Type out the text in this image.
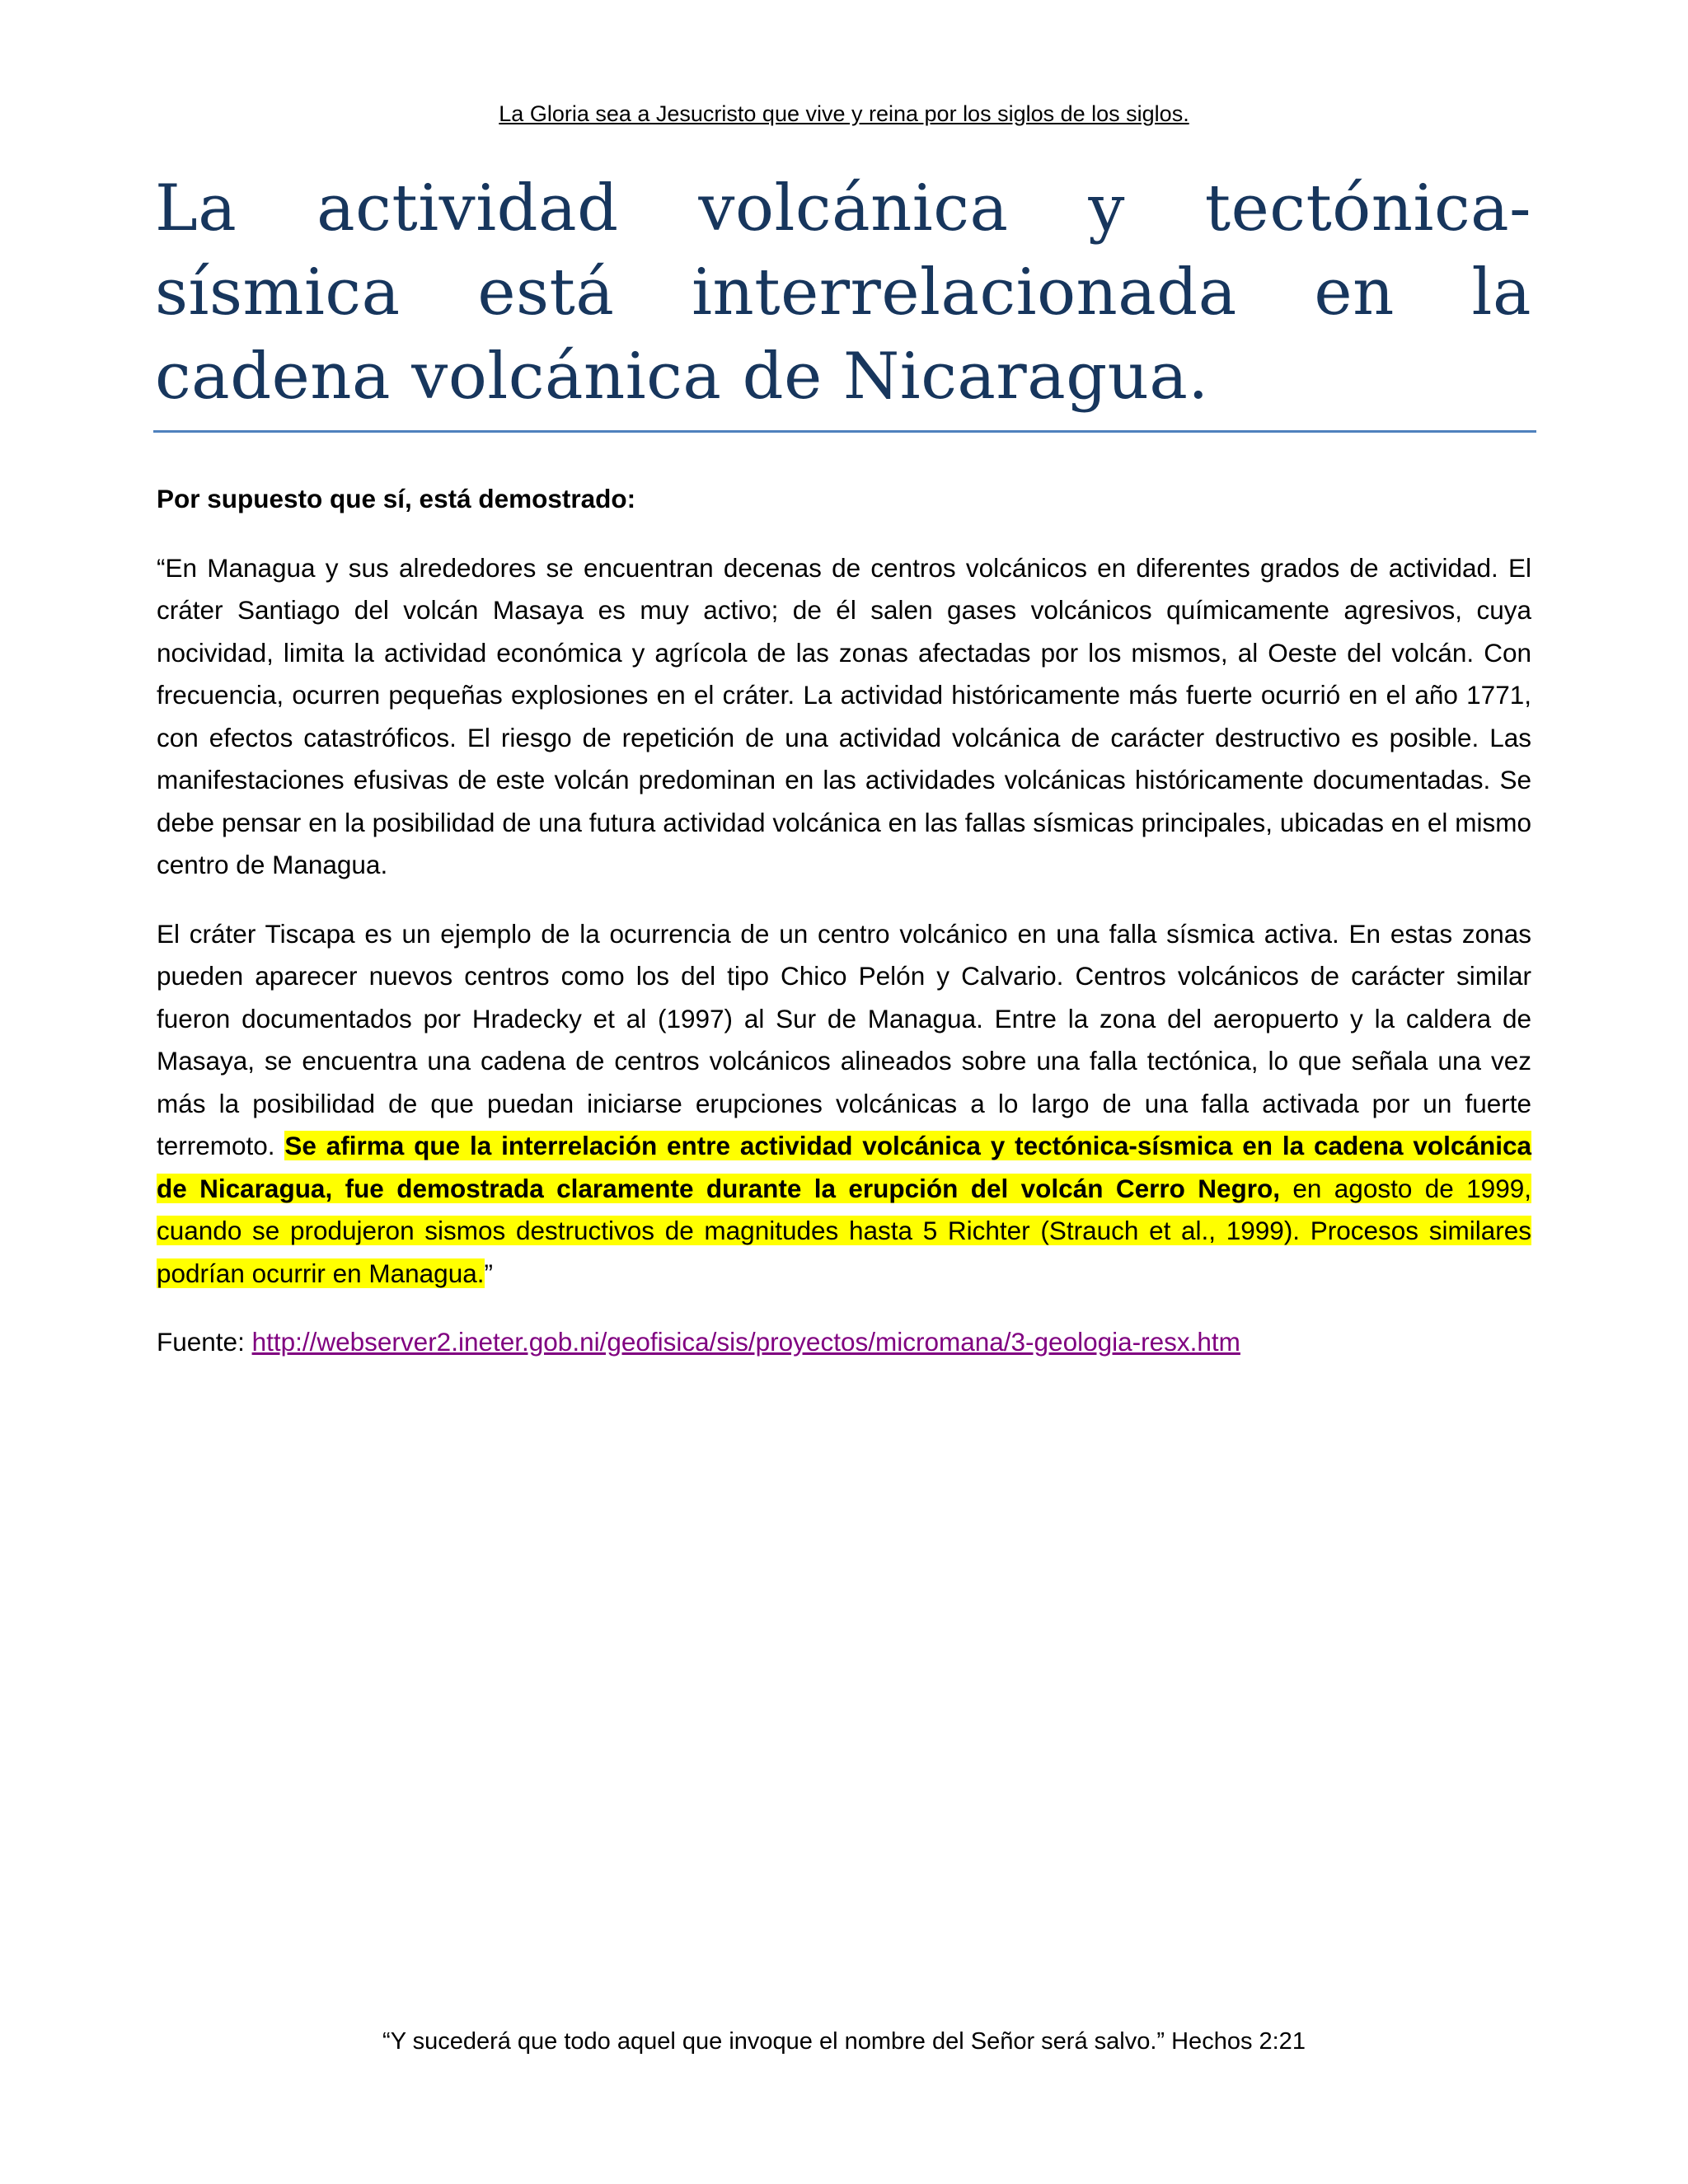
La Gloria sea a Jesucristo que vive y reina por los siglos de los siglos.
La actividad volcánica y tectónica-sísmica está interrelacionada en la cadena volcánica de Nicaragua.

Por supuesto que sí, está demostrado:

“En Managua y sus alrededores se encuentran decenas de centros volcánicos en diferentes grados de actividad. El cráter Santiago del volcán Masaya es muy activo; de él salen gases volcánicos químicamente agresivos, cuya nocividad, limita la actividad económica y agrícola de las zonas afectadas por los mismos, al Oeste del volcán. Con frecuencia, ocurren pequeñas explosiones en el cráter. La actividad históricamente más fuerte ocurrió en el año 1771, con efectos catastróficos. El riesgo de repetición de una actividad volcánica de carácter destructivo es posible. Las manifestaciones efusivas de este volcán predominan en las actividades volcánicas históricamente documentadas. Se debe pensar en la posibilidad de una futura actividad volcánica en las fallas sísmicas principales, ubicadas en el mismo centro de Managua.

El cráter Tiscapa es un ejemplo de la ocurrencia de un centro volcánico en una falla sísmica activa. En estas zonas pueden aparecer nuevos centros como los del tipo Chico Pelón y Calvario. Centros volcánicos de carácter similar fueron documentados por Hradecky et al (1997) al Sur de Managua. Entre la zona del aeropuerto y la caldera de Masaya, se encuentra una cadena de centros volcánicos alineados sobre una falla tectónica, lo que señala una vez más la posibilidad de que puedan iniciarse erupciones volcánicas a lo largo de una falla activada por un fuerte terremoto. Se afirma que la interrelación entre actividad volcánica y tectónica-sísmica en la cadena volcánica de Nicaragua, fue demostrada claramente durante la erupción del volcán Cerro Negro, en agosto de 1999, cuando se produjeron sismos destructivos de magnitudes hasta 5 Richter (Strauch et al., 1999). Procesos similares podrían ocurrir en Managua.”

Fuente: http://webserver2.ineter.gob.ni/geofisica/sis/proyectos/micromana/3-geologia-resx.htm

“Y sucederá que todo aquel que invoque el nombre del Señor será salvo.” Hechos 2:21
